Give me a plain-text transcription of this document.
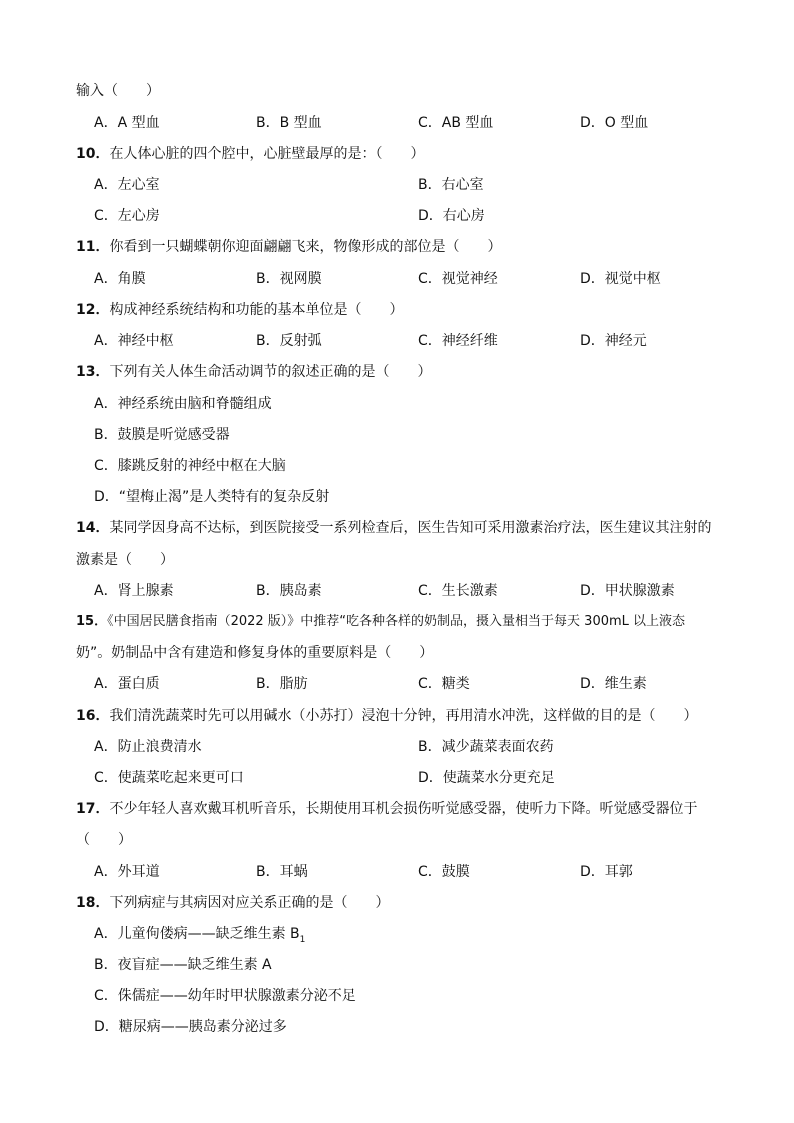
输入（　　）
A．A 型血	B．B 型血	C．AB 型血	D．O 型血
10．在人体心脏的四个腔中，心脏壁最厚的是：（　　）
A．左心室	B．右心室
C．左心房	D．右心房
11．你看到一只蝴蝶朝你迎面翩翩飞来，物像形成的部位是（　　）
A．角膜	B．视网膜	C．视觉神经	D．视觉中枢
12．构成神经系统结构和功能的基本单位是（　　）
A．神经中枢	B．反射弧	C．神经纤维	D．神经元
13．下列有关人体生命活动调节的叙述正确的是（　　）
A．神经系统由脑和脊髓组成
B．鼓膜是听觉感受器
C．膝跳反射的神经中枢在大脑
D．“望梅止渴”是人类特有的复杂反射
14．某同学因身高不达标，到医院接受一系列检查后，医生告知可采用激素治疗法，医生建议其注射的
激素是（　　）
A．肾上腺素	B．胰岛素	C．生长激素	D．甲状腺激素
15．《中国居民膳食指南（2022 版）》中推荐“吃各种各样的奶制品，摄入量相当于每天 300mL 以上液态
奶”。奶制品中含有建造和修复身体的重要原料是（　　）
A．蛋白质	B．脂肪	C．糖类	D．维生素
16．我们清洗蔬菜时先可以用碱水（小苏打）浸泡十分钟，再用清水冲洗，这样做的目的是（　　）
A．防止浪费清水	B．减少蔬菜表面农药
C．使蔬菜吃起来更可口	D．使蔬菜水分更充足
17．不少年轻人喜欢戴耳机听音乐，长期使用耳机会损伤听觉感受器，使听力下降。听觉感受器位于
（　　）
A．外耳道	B．耳蜗	C．鼓膜	D．耳郭
18．下列病症与其病因对应关系正确的是（　　）
A．儿童佝偻病——缺乏维生素 $B_1$
B．夜盲症——缺乏维生素 A
C．侏儒症——幼年时甲状腺激素分泌不足
D．糖尿病——胰岛素分泌过多
